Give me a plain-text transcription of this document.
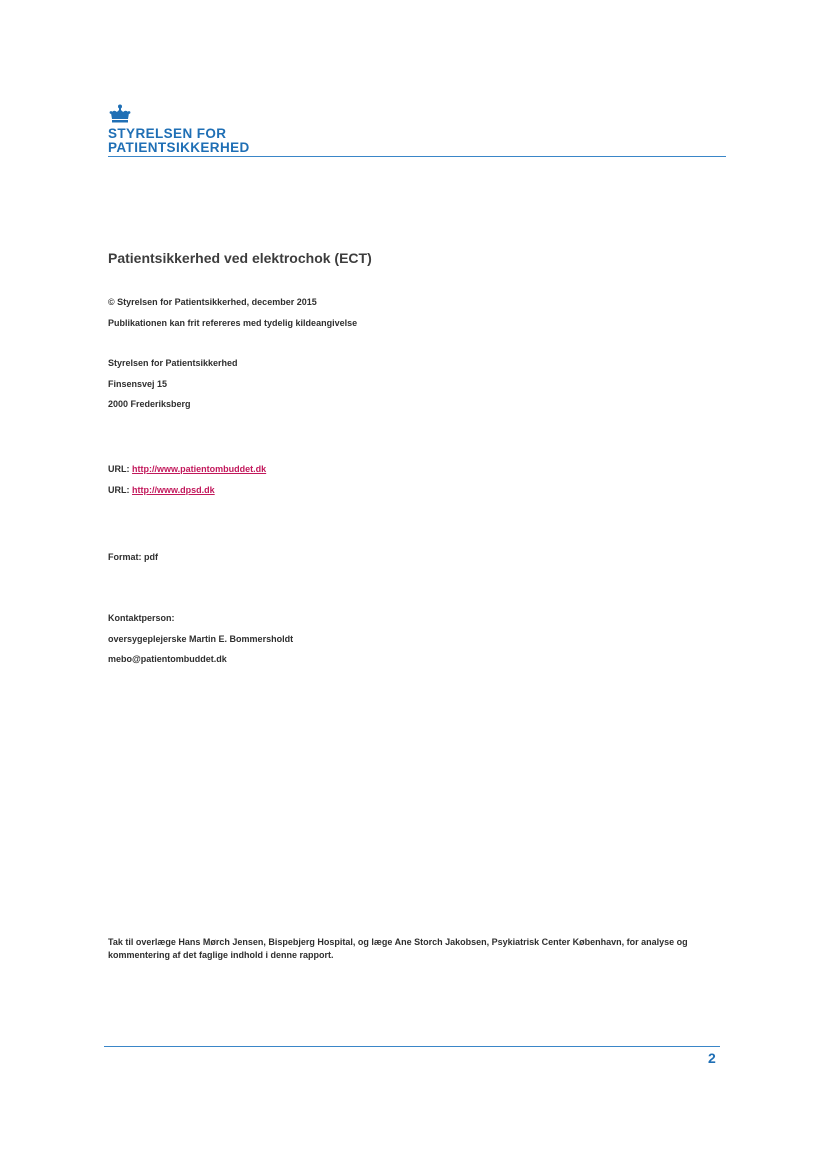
STYRELSEN FOR
PATIENTSIKKERHED
Patientsikkerhed ved elektrochok (ECT)
© Styrelsen for Patientsikkerhed, december 2015
Publikationen kan frit refereres med tydelig kildeangivelse
Styrelsen for Patientsikkerhed
Finsensvej 15
2000 Frederiksberg
URL: http://www.patientombuddet.dk
URL: http://www.dpsd.dk
Format: pdf
Kontaktperson:
oversygeplejerske Martin E. Bommersholdt
mebo@patientombuddet.dk
Tak til overlæge Hans Mørch Jensen, Bispebjerg Hospital, og læge Ane Storch Jakobsen, Psykiatrisk Center København, for analyse og kommentering af det faglige indhold i denne rapport.
2
